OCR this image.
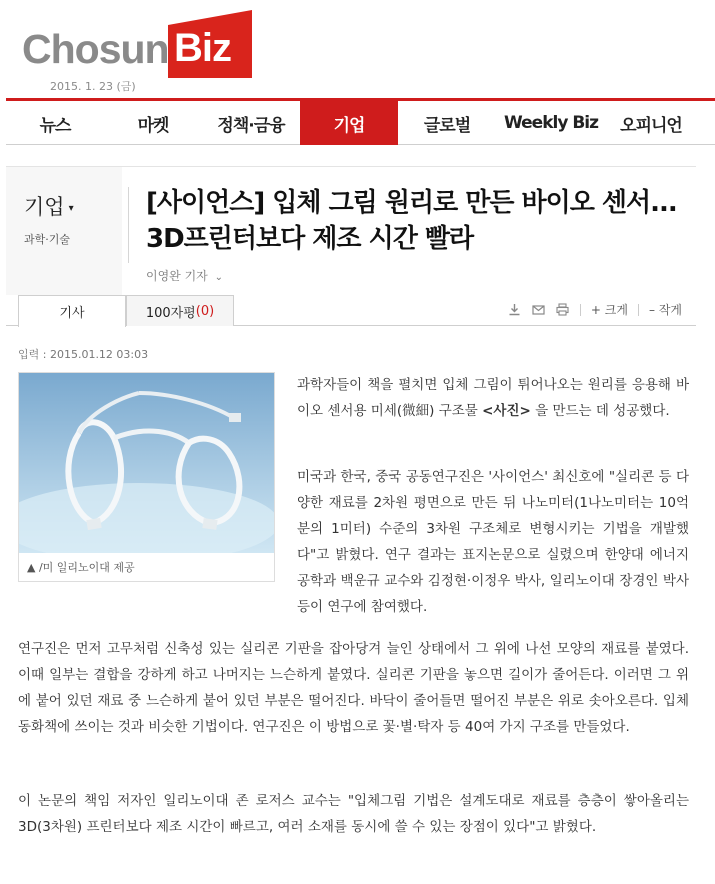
Chosun Biz
2015. 1. 23 (금)
뉴스	마켓	정책·금융	기업	글로벌	Weekly Biz	오피니언
기업 ▾
과학·기술
[사이언스] 입체 그림 원리로 만든 바이오 센서... 3D프린터보다 제조 시간 빨라
이영완 기자 ⌄
기사	100자평 (0)	+ 크게 – 작게
입력 : 2015.01.12 03:03
▲ /미 일리노이대 제공

과학자들이 책을 펼치면 입체 그림이 튀어나오는 원리를 응용해 바이오 센서용 미세(微細) 구조물 <사진> 을 만드는 데 성공했다.

미국과 한국, 중국 공동연구진은 '사이언스' 최신호에 "실리콘 등 다양한 재료를 2차원 평면으로 만든 뒤 나노미터(1나노미터는 10억분의 1미터) 수준의 3차원 구조체로 변형시키는 기법을 개발했다"고 밝혔다. 연구 결과는 표지논문으로 실렸으며 한양대 에너지공학과 백운규 교수와 김정현·이정우 박사, 일리노이대 장경인 박사 등이 연구에 참여했다.

연구진은 먼저 고무처럼 신축성 있는 실리콘 기판을 잡아당겨 늘인 상태에서 그 위에 나선 모양의 재료를 붙였다. 이때 일부는 결합을 강하게 하고 나머지는 느슨하게 붙였다. 실리콘 기판을 놓으면 길이가 줄어든다. 이러면 그 위에 붙어 있던 재료 중 느슨하게 붙어 있던 부분은 떨어진다. 바닥이 줄어들면 떨어진 부분은 위로 솟아오른다. 입체 동화책에 쓰이는 것과 비슷한 기법이다. 연구진은 이 방법으로 꽃·별·탁자 등 40여 가지 구조를 만들었다.

이 논문의 책임 저자인 일리노이대 존 로저스 교수는 "입체그림 기법은 설계도대로 재료를 층층이 쌓아올리는 3D(3차원) 프린터보다 제조 시간이 빠르고, 여러 소재를 동시에 쓸 수 있는 장점이 있다"고 밝혔다.
